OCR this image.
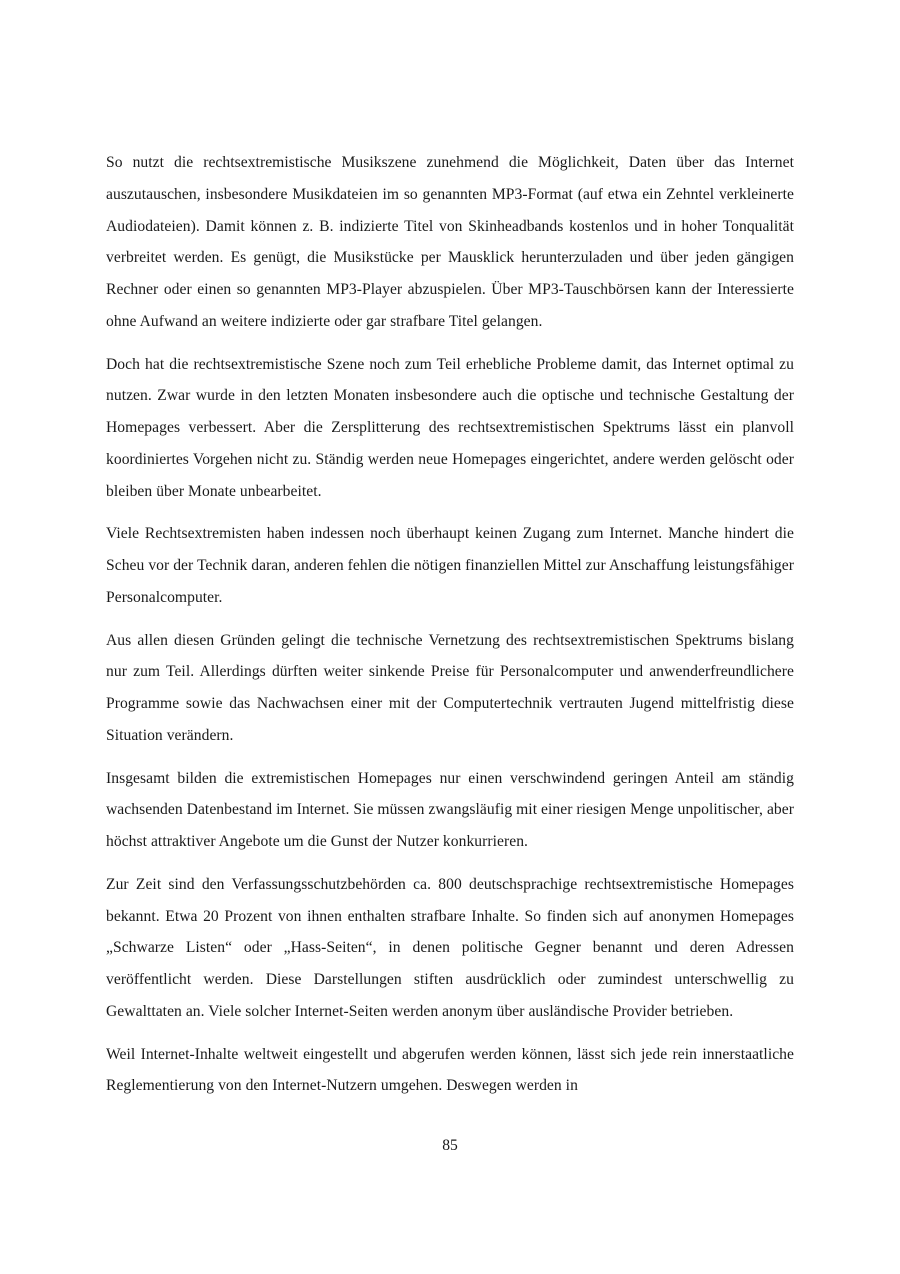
So nutzt die rechtsextremistische Musikszene zunehmend die Möglichkeit, Daten über das Internet auszutauschen, insbesondere Musikdateien im so genannten MP3-Format (auf etwa ein Zehntel verkleinerte Audiodateien). Damit können z. B. indizierte Titel von Skinheadbands kostenlos und in hoher Tonqualität verbreitet werden. Es genügt, die Musikstücke per Mausklick herunterzuladen und über jeden gängigen Rechner oder einen so genannten MP3-Player abzuspielen. Über MP3-Tauschbörsen kann der Interessierte ohne Aufwand an weitere indizierte oder gar strafbare Titel gelangen.

Doch hat die rechtsextremistische Szene noch zum Teil erhebliche Probleme damit, das Internet optimal zu nutzen. Zwar wurde in den letzten Monaten insbesondere auch die optische und technische Gestaltung der Homepages verbessert. Aber die Zersplitterung des rechtsextremistischen Spektrums lässt ein planvoll koordiniertes Vorgehen nicht zu. Ständig werden neue Homepages eingerichtet, andere werden gelöscht oder bleiben über Monate unbearbeitet.

Viele Rechtsextremisten haben indessen noch überhaupt keinen Zugang zum Internet. Manche hindert die Scheu vor der Technik daran, anderen fehlen die nötigen finanziellen Mittel zur Anschaffung leistungsfähiger Personalcomputer.

Aus allen diesen Gründen gelingt die technische Vernetzung des rechtsextremistischen Spektrums bislang nur zum Teil. Allerdings dürften weiter sinkende Preise für Personalcomputer und anwenderfreundlichere Programme sowie das Nachwachsen einer mit der Computertechnik vertrauten Jugend mittelfristig diese Situation verändern.

Insgesamt bilden die extremistischen Homepages nur einen verschwindend geringen Anteil am ständig wachsenden Datenbestand im Internet. Sie müssen zwangsläufig mit einer riesigen Menge unpolitischer, aber höchst attraktiver Angebote um die Gunst der Nutzer konkurrieren.

Zur Zeit sind den Verfassungsschutzbehörden ca. 800 deutschsprachige rechtsextremistische Homepages bekannt. Etwa 20 Prozent von ihnen enthalten strafbare Inhalte. So finden sich auf anonymen Homepages „Schwarze Listen“ oder „Hass-Seiten“, in denen politische Gegner benannt und deren Adressen veröffentlicht werden. Diese Darstellungen stiften ausdrücklich oder zumindest unterschwellig zu Gewalttaten an. Viele solcher Internet-Seiten werden anonym über ausländische Provider betrieben.

Weil Internet-Inhalte weltweit eingestellt und abgerufen werden können, lässt sich jede rein innerstaatliche Reglementierung von den Internet-Nutzern umgehen. Deswegen werden in

85
